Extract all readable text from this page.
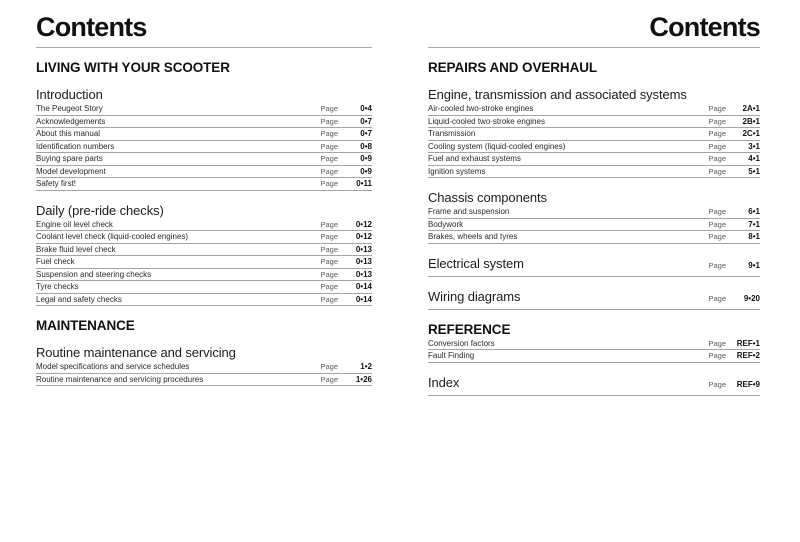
Contents
LIVING WITH YOUR SCOOTER
Introduction
The Peugeot Story	Page	0•4
Acknowledgements	Page	0•7
About this manual	Page	0•7
Identification numbers	Page	0•8
Buying spare parts	Page	0•9
Model development	Page	0•9
Safety first!	Page	0•11
Daily (pre-ride checks)
Engine oil level check	Page	0•12
Coolant level check (liquid-cooled engines)	Page	0•12
Brake fluid level check	Page	0•13
Fuel check	Page	0•13
Suspension and steering checks	Page	0•13
Tyre checks	Page	0•14
Legal and safety checks	Page	0•14
MAINTENANCE
Routine maintenance and servicing
Model specifications and service schedules	Page	1•2
Routine maintenance and servicing procedures	Page	1•26
Contents
REPAIRS AND OVERHAUL
Engine, transmission and associated systems
Air-cooled two-stroke engines	Page	2A•1
Liquid-cooled two-stroke engines	Page	2B•1
Transmission	Page	2C•1
Cooling system (liquid-cooled engines)	Page	3•1
Fuel and exhaust systems	Page	4•1
Ignition systems	Page	5•1
Chassis components
Frame and suspension	Page	6•1
Bodywork	Page	7•1
Brakes, wheels and tyres	Page	8•1
Electrical system	Page	9•1
Wiring diagrams	Page	9•20
REFERENCE
Conversion factors	Page	REF•1
Fault Finding	Page	REF•2
Index	Page	REF•9
